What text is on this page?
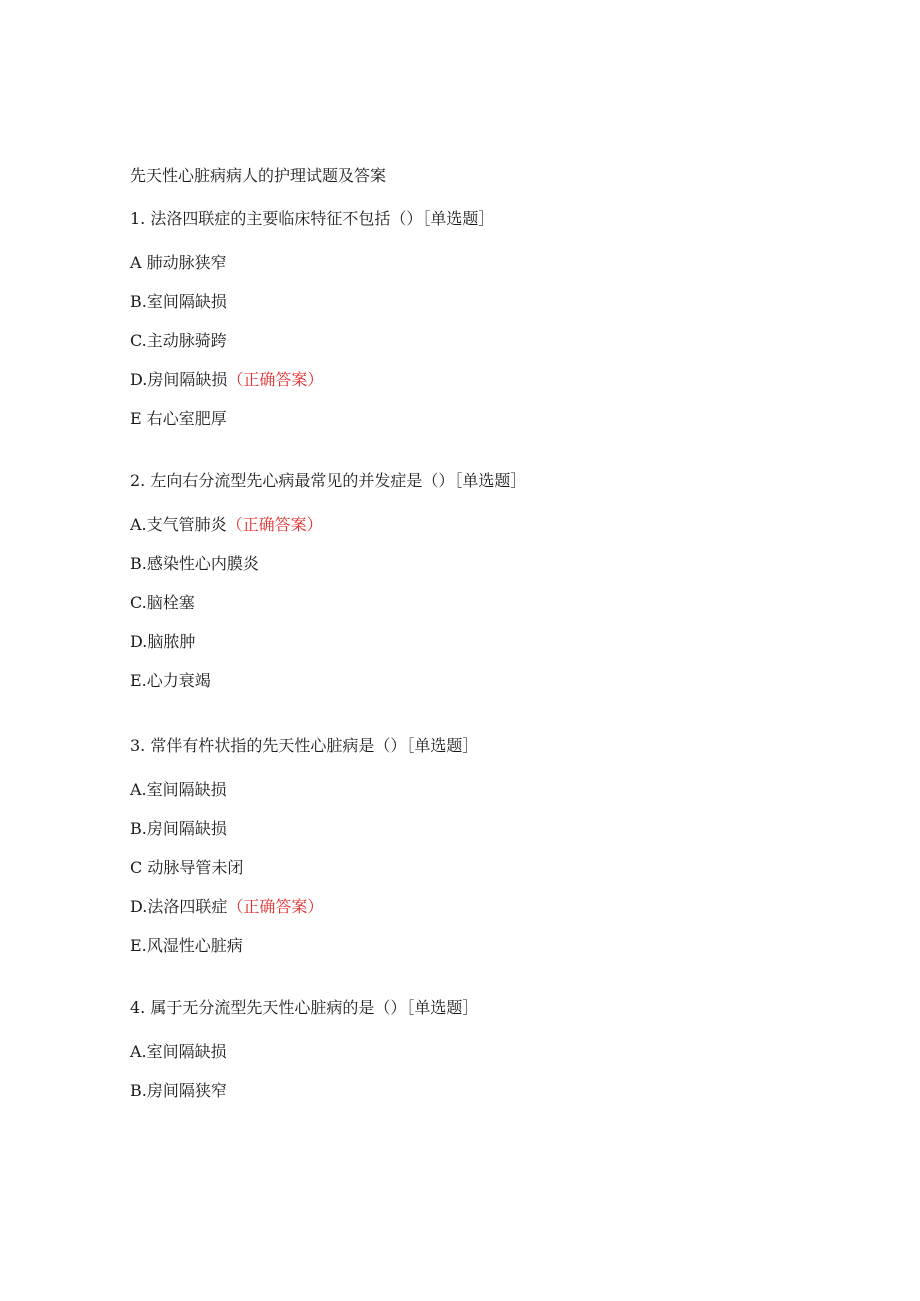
先天性心脏病病人的护理试题及答案
1. 法洛四联症的主要临床特征不包括（）［单选题］
A 肺动脉狭窄
B.室间隔缺损
C.主动脉骑跨
D.房间隔缺损（正确答案）
E 右心室肥厚
2. 左向右分流型先心病最常见的并发症是（）［单选题］
A.支气管肺炎（正确答案）
B.感染性心内膜炎
C.脑栓塞
D.脑脓肿
E.心力衰竭
3. 常伴有杵状指的先天性心脏病是（）［单选题］
A.室间隔缺损
B.房间隔缺损
C 动脉导管未闭
D.法洛四联症（正确答案）
E.风湿性心脏病
4. 属于无分流型先天性心脏病的是（）［单选题］
A.室间隔缺损
B.房间隔狭窄
